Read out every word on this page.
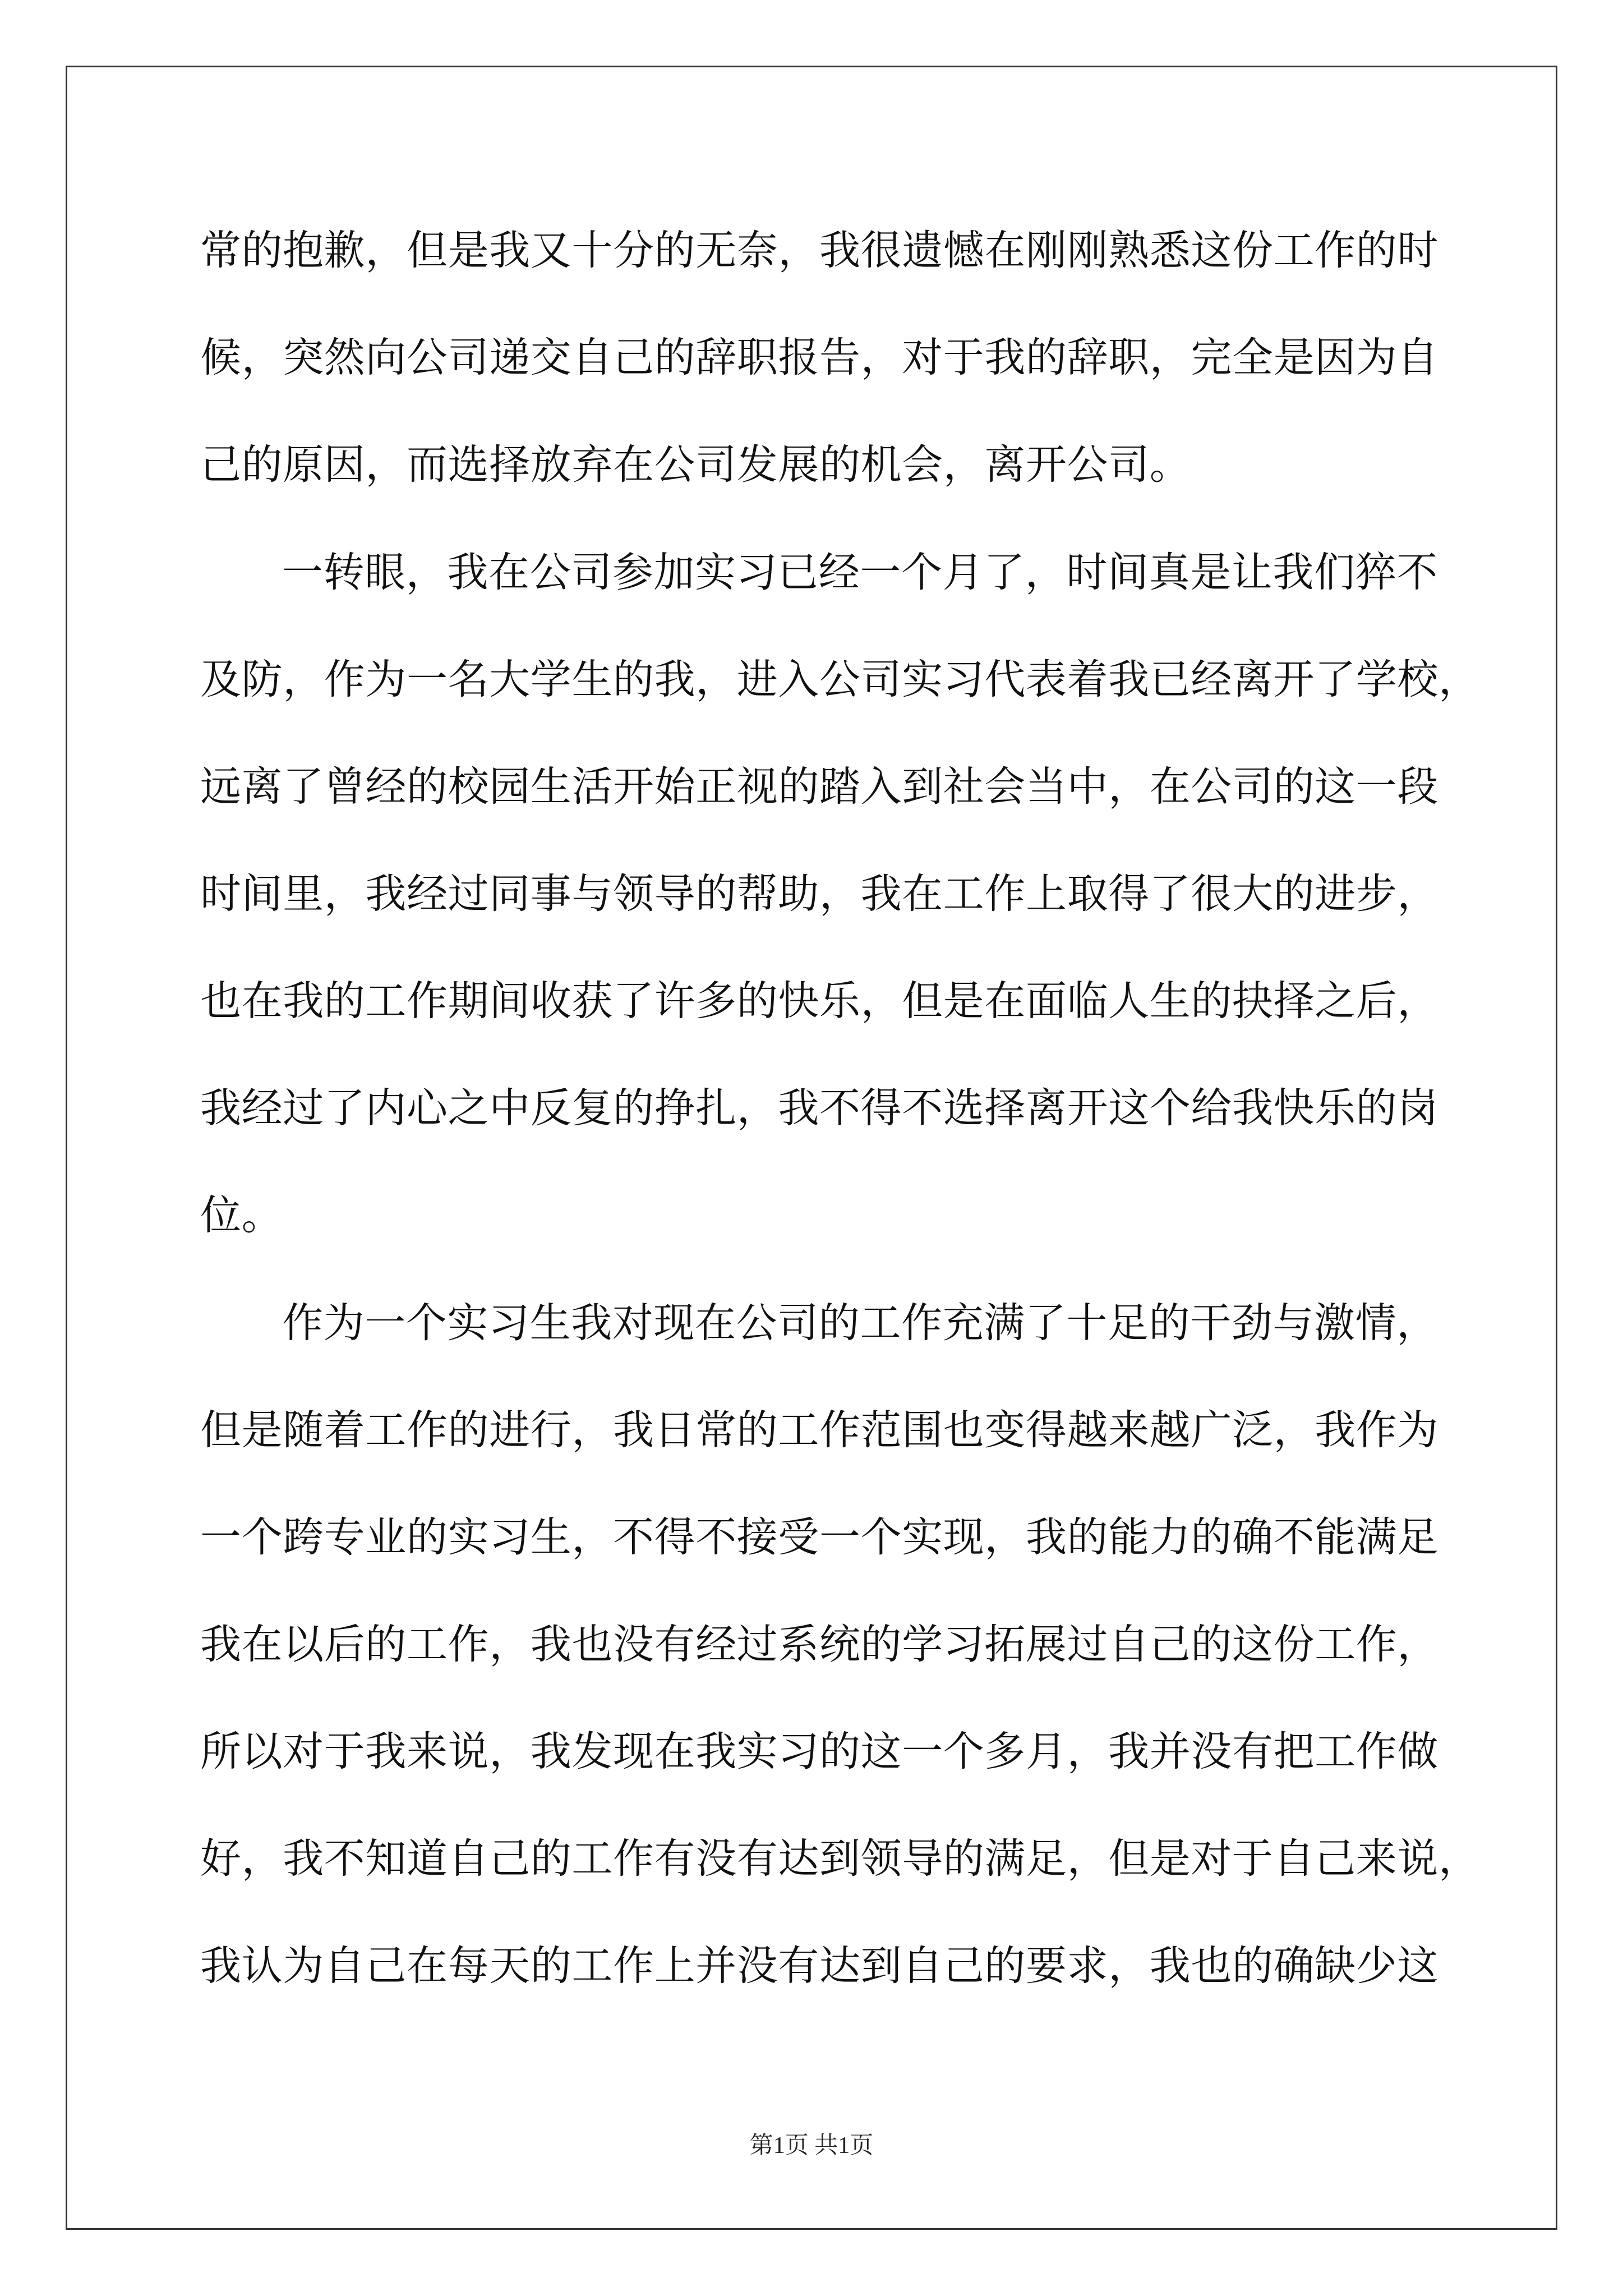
常的抱歉，但是我又十分的无奈，我很遗憾在刚刚熟悉这份工作的时
候，突然向公司递交自己的辞职报告，对于我的辞职，完全是因为自
己的原因，而选择放弃在公司发展的机会，离开公司。
一转眼，我在公司参加实习已经一个月了，时间真是让我们猝不
及防，作为一名大学生的我，进入公司实习代表着我已经离开了学校，
远离了曾经的校园生活开始正视的踏入到社会当中，在公司的这一段
时间里，我经过同事与领导的帮助，我在工作上取得了很大的进步，
也在我的工作期间收获了许多的快乐，但是在面临人生的抉择之后，
我经过了内心之中反复的挣扎，我不得不选择离开这个给我快乐的岗
位。
作为一个实习生我对现在公司的工作充满了十足的干劲与激情，
但是随着工作的进行，我日常的工作范围也变得越来越广泛，我作为
一个跨专业的实习生，不得不接受一个实现，我的能力的确不能满足
我在以后的工作，我也没有经过系统的学习拓展过自己的这份工作，
所以对于我来说，我发现在我实习的这一个多月，我并没有把工作做
好，我不知道自己的工作有没有达到领导的满足，但是对于自己来说，
我认为自己在每天的工作上并没有达到自己的要求，我也的确缺少这
第1页 共1页
